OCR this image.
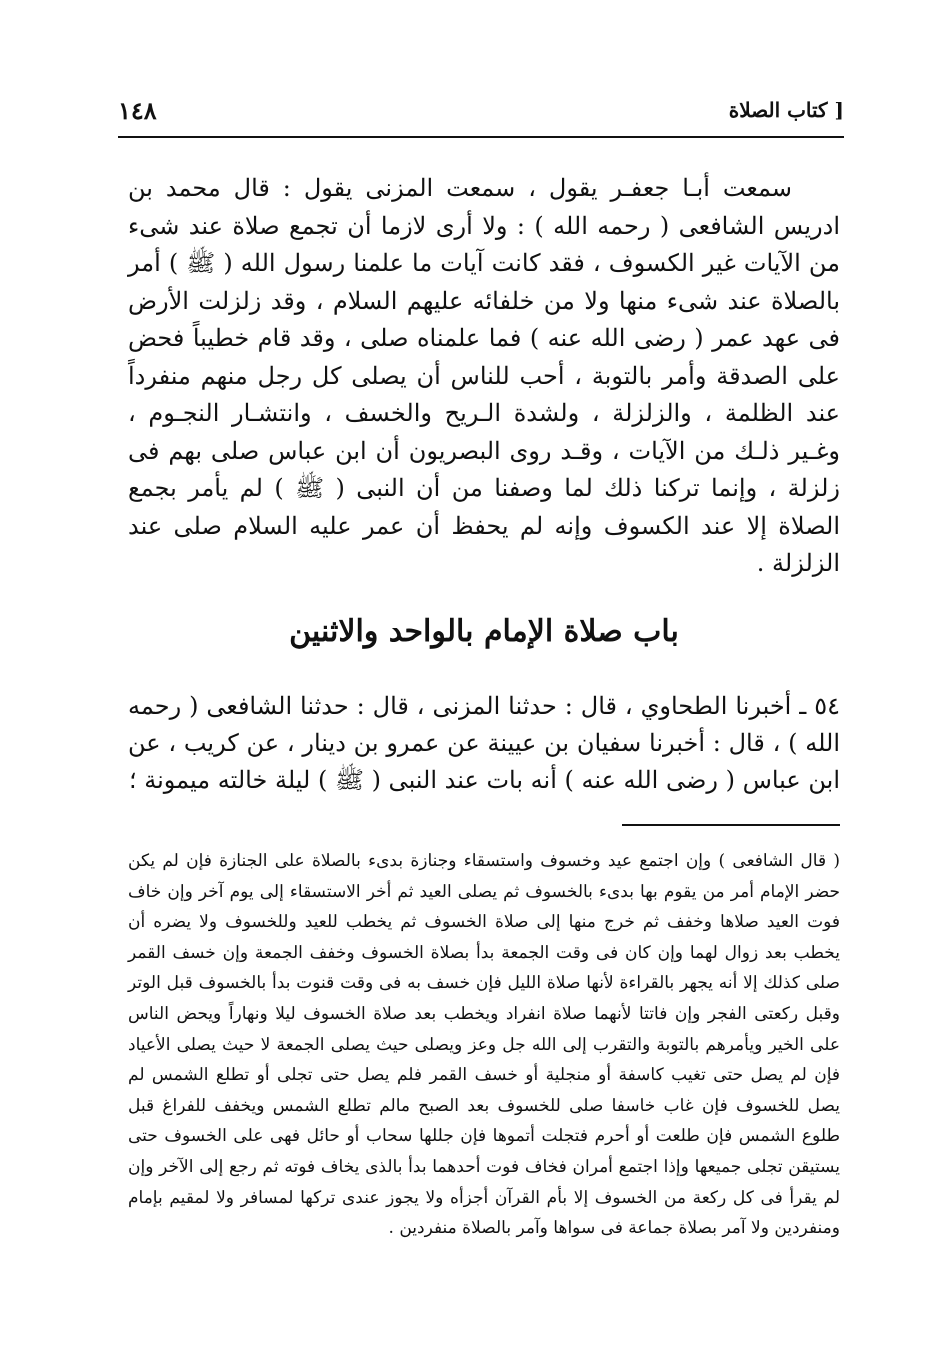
[ كتاب الصلاة
١٤٨

سمعت أبـا جعفـر يقول ، سمعت المزنى يقول : قال محمد بن ادريس الشافعى ( رحمه الله ) : ولا أرى لازما أن تجمع صلاة عند شىء من الآيات غير الكسوف ، فقد كانت آيات ما علمنا رسول الله ( ﷺ ) أمر بالصلاة عند شىء منها ولا من خلفائه عليهم السلام ، وقد زلزلت الأرض فى عهد عمر ( رضى الله عنه ) فما علمناه صلى ، وقد قام خطيباً فحض على الصدقة وأمر بالتوبة ، أحب للناس أن يصلى كل رجل منهم منفرداً عند الظلمة ، والزلزلة ، ولشدة الـريح والخسف ، وانتشـار النجـوم ، وغـير ذلـك من الآيات ، وقـد روى البصريون أن ابن عباس صلى بهم فى زلزلة ، وإنما تركنا ذلك لما وصفنا من أن النبى ( ﷺ ) لم يأمر بجمع الصلاة إلا عند الكسوف وإنه لم يحفظ أن عمر عليه السلام صلى عند الزلزلة .

باب صلاة الإمام بالواحد والاثنين

٥٤ ـ أخبرنا الطحاوي ، قال : حدثنا المزنى ، قال : حدثنا الشافعى ( رحمه الله ) ، قال : أخبرنا سفيان بن عيينة عن عمرو بن دينار ، عن كريب ، عن ابن عباس ( رضى الله عنه ) أنه بات عند النبى ( ﷺ ) ليلة خالته ميمونة ؛

( قال الشافعى ) وإن اجتمع عيد وخسوف واستسقاء وجنازة بدىء بالصلاة على الجنازة فإن لم يكن حضر الإمام أمر من يقوم بها بدىء بالخسوف ثم يصلى العيد ثم أخر الاستسقاء إلى يوم آخر وإن خاف فوت العيد صلاها وخفف ثم خرج منها إلى صلاة الخسوف ثم يخطب للعيد وللخسوف ولا يضره أن يخطب بعد زوال لهما وإن كان فى وقت الجمعة بدأ بصلاة الخسوف وخفف الجمعة وإن خسف القمر صلى كذلك إلا أنه يجهر بالقراءة لأنها صلاة الليل فإن خسف به فى وقت قنوت بدأ بالخسوف قبل الوتر وقبل ركعتى الفجر وإن فاتتا لأنهما صلاة انفراد ويخطب بعد صلاة الخسوف ليلا ونهاراً ويحض الناس على الخير ويأمرهم بالتوبة والتقرب إلى الله جل وعز ويصلى حيث يصلى الجمعة لا حيث يصلى الأعياد فإن لم يصل حتى تغيب كاسفة أو منجلية أو خسف القمر فلم يصل حتى تجلى أو تطلع الشمس لم يصل للخسوف فإن غاب خاسفا صلى للخسوف بعد الصبح مالم تطلع الشمس ويخفف للفراغ قبل طلوع الشمس فإن طلعت أو أحرم فتجلت أتموها فإن جللها سحاب أو حائل فهى على الخسوف حتى يستيقن تجلى جميعها وإذا اجتمع أمران فخاف فوت أحدهما بدأ بالذى يخاف فوته ثم رجع إلى الآخر وإن لم يقرأ فى كل ركعة من الخسوف إلا بأم القرآن أجزأه ولا يجوز عندى تركها لمسافر ولا لمقيم بإمام ومنفردين ولا آمر بصلاة جماعة فى سواها وآمر بالصلاة منفردين .
